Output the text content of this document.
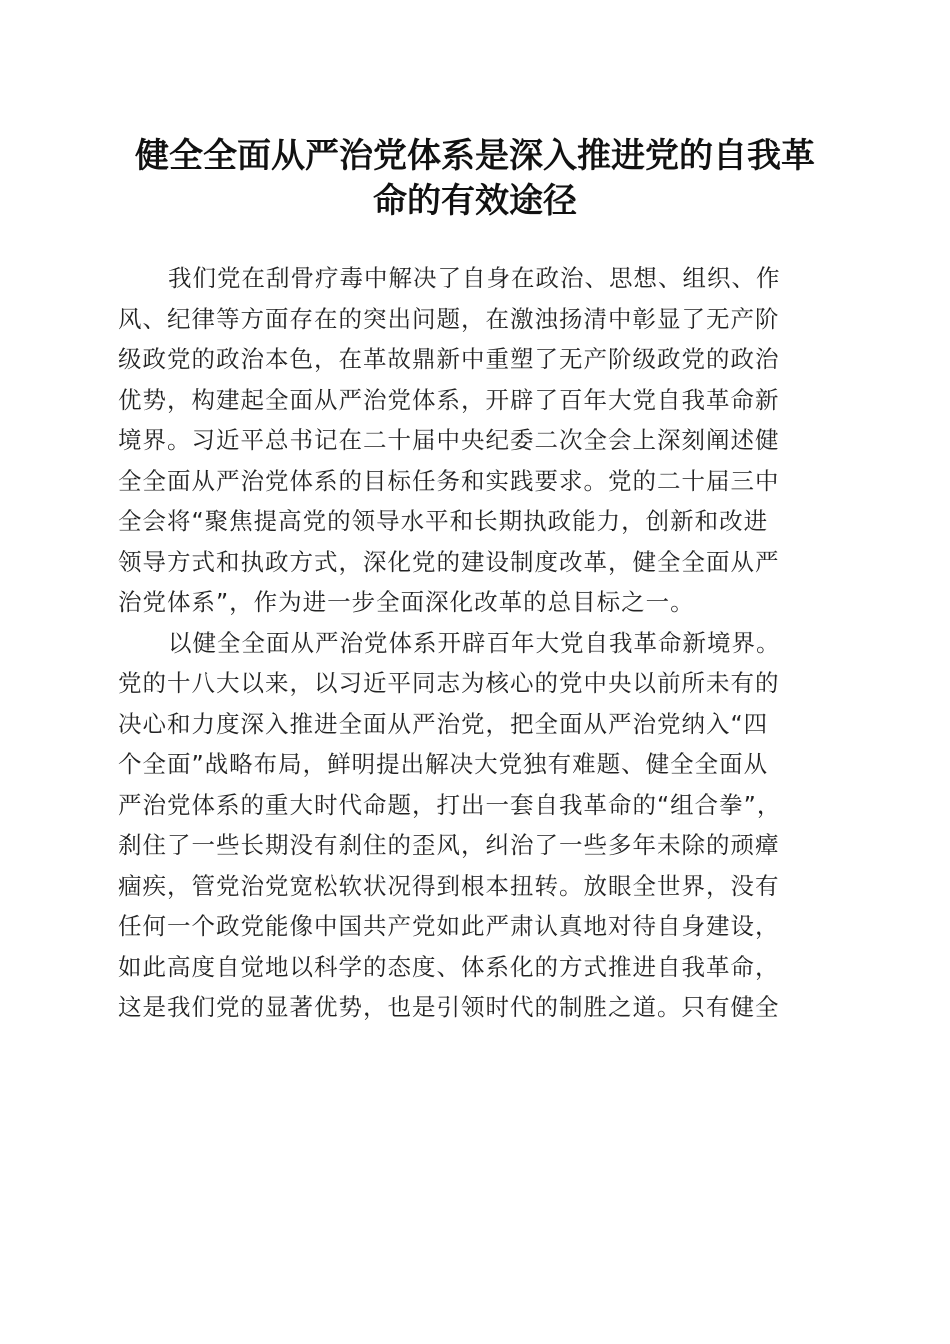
健全全面从严治党体系是深入推进党的自我革
命的有效途径
我们党在刮骨疗毒中解决了自身在政治、思想、组织、作
风、纪律等方面存在的突出问题，在激浊扬清中彰显了无产阶
级政党的政治本色，在革故鼎新中重塑了无产阶级政党的政治
优势，构建起全面从严治党体系，开辟了百年大党自我革命新
境界。习近平总书记在二十届中央纪委二次全会上深刻阐述健
全全面从严治党体系的目标任务和实践要求。党的二十届三中
全会将“聚焦提高党的领导水平和长期执政能力，创新和改进
领导方式和执政方式，深化党的建设制度改革，健全全面从严
治党体系”，作为进一步全面深化改革的总目标之一。
以健全全面从严治党体系开辟百年大党自我革命新境界。
党的十八大以来，以习近平同志为核心的党中央以前所未有的
决心和力度深入推进全面从严治党，把全面从严治党纳入“四
个全面”战略布局，鲜明提出解决大党独有难题、健全全面从
严治党体系的重大时代命题，打出一套自我革命的“组合拳”，
刹住了一些长期没有刹住的歪风，纠治了一些多年未除的顽瘴
痼疾，管党治党宽松软状况得到根本扭转。放眼全世界，没有
任何一个政党能像中国共产党如此严肃认真地对待自身建设，
如此高度自觉地以科学的态度、体系化的方式推进自我革命，
这是我们党的显著优势，也是引领时代的制胜之道。只有健全
